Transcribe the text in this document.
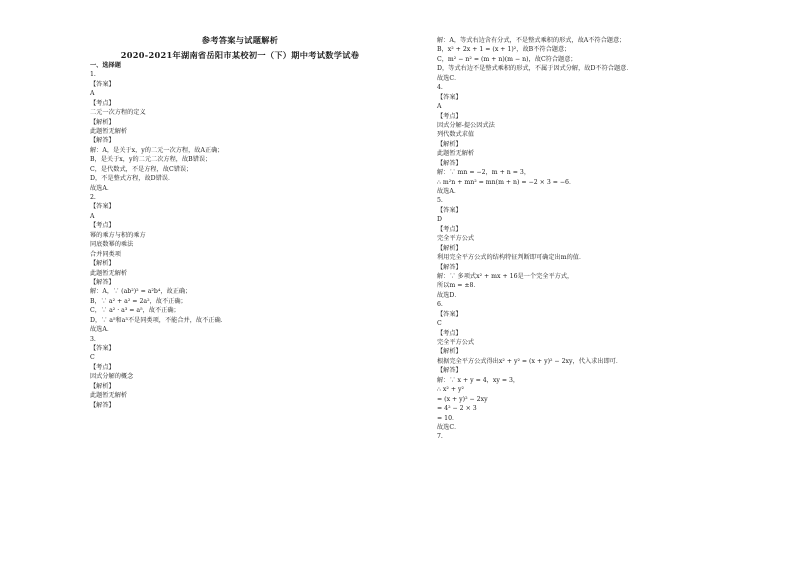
参考答案与试题解析
2020-2021年湖南省岳阳市某校初一（下）期中考试数学试卷
一、选择题
1.
【答案】
A
【考点】
二元一次方程的定义
【解析】
此题暂无解析
【解答】
解：A，是关于x，y的二元一次方程，故A正确；
B，是关于x，y的二元二次方程，故B错误；
C，是代数式，不是方程，故C错误；
D，不是整式方程，故D错误．
故选A．
2.
【答案】
A
【考点】
幂的乘方与积的乘方
同底数幂的乘法
合并同类项
【解析】
此题暂无解析
【解答】
解：A，∵ (ab²)² = a²b⁴，故正确；
B，∵ a² + a² = 2a²，故不正确；
C，∵ a² · a³ = a⁵，故不正确；
D，∵ a⁵和a³不是同类项，不能合并，故不正确．
故选A．
3.
【答案】
C
【考点】
因式分解的概念
【解析】
此题暂无解析
【解答】
解：A，等式右边含有分式，不是整式乘积的形式，故A不符合题意；
B，x² + 2x + 1 = (x + 1)²，故B不符合题意；
C，m² − n² = (m + n)(m − n)，故C符合题意；
D，等式右边不是整式乘积的形式，不属于因式分解，故D不符合题意．
故选C．
4.
【答案】
A
【考点】
因式分解-提公因式法
列代数式求值
【解析】
此题暂无解析
【解答】
解：∵ mn = −2，m + n = 3，
∴ m²n + mn² = mn(m + n) = −2 × 3 = −6．
故选A．
5.
【答案】
D
【考点】
完全平方公式
【解析】
利用完全平方公式的结构特征判断即可确定出m的值．
【解答】
解：∵ 多项式x² + mx + 16是一个完全平方式，
所以m = ±8．
故选D．
6.
【答案】
C
【考点】
完全平方公式
【解析】
根据完全平方公式得出x² + y² = (x + y)² − 2xy，代入求出即可．
【解答】
解：∵ x + y = 4，xy = 3，
∴ x² + y²
= (x + y)² − 2xy
= 4² − 2 × 3
= 10．
故选C．
7.
